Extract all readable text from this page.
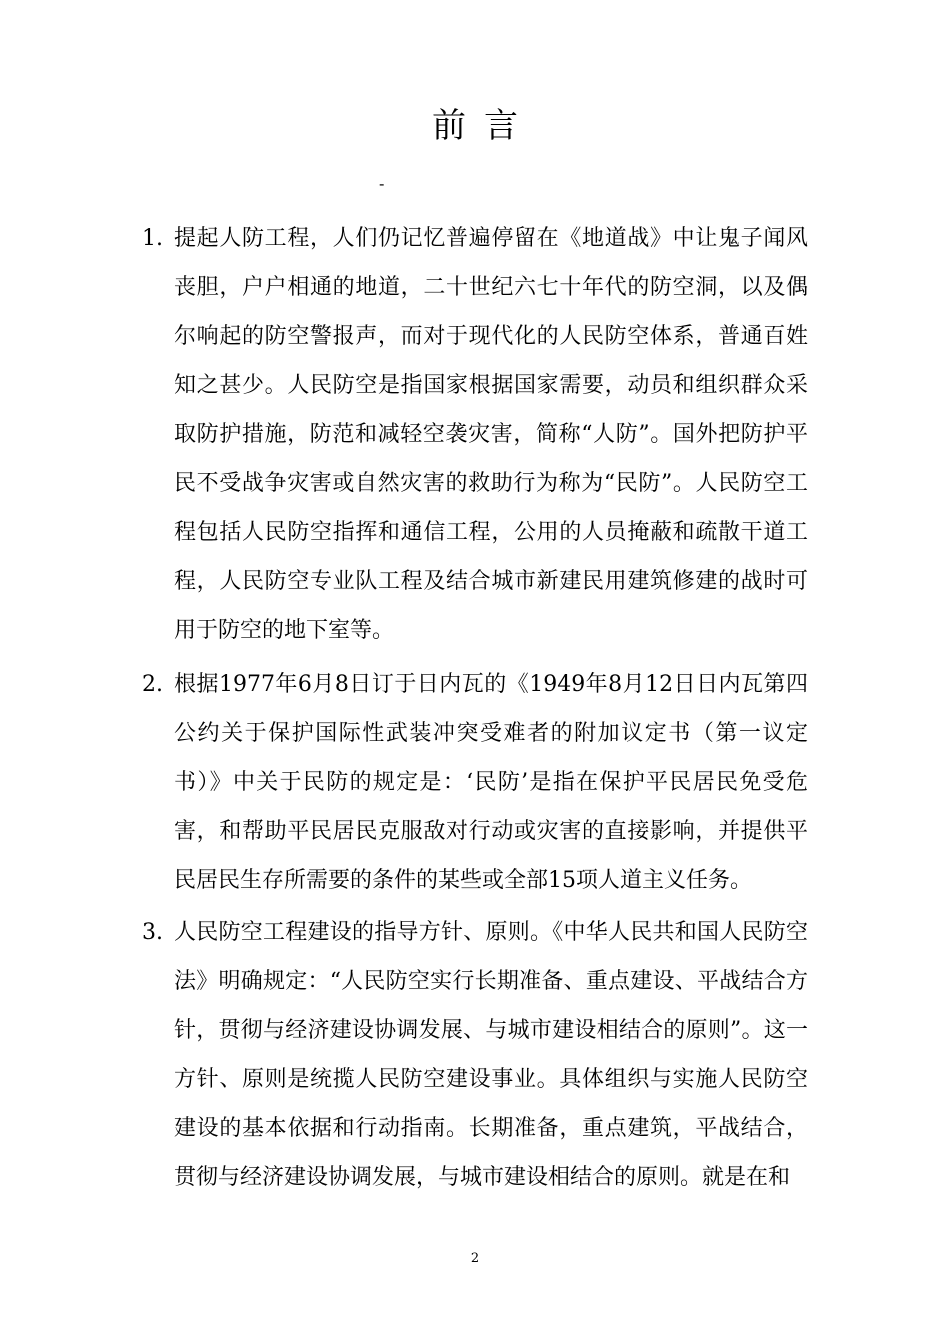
前言
-
1. 提起人防工程，人们仍记忆普遍停留在《地道战》中让鬼子闻风丧胆，户户相通的地道，二十世纪六七十年代的防空洞，以及偶尔响起的防空警报声，而对于现代化的人民防空体系，普通百姓知之甚少。人民防空是指国家根据国家需要，动员和组织群众采取防护措施，防范和减轻空袭灾害，简称“人防”。国外把防护平民不受战争灾害或自然灾害的救助行为称为“民防”。人民防空工程包括人民防空指挥和通信工程，公用的人员掩蔽和疏散干道工程，人民防空专业队工程及结合城市新建民用建筑修建的战时可用于防空的地下室等。
2. 根据1977年6月8日订于日内瓦的《1949年8月12日日内瓦第四公约关于保护国际性武装冲突受难者的附加议定书（第一议定书）》中关于民防的规定是：‘民防’是指在保护平民居民免受危害，和帮助平民居民克服敌对行动或灾害的直接影响，并提供平民居民生存所需要的条件的某些或全部15项人道主义任务。
3. 人民防空工程建设的指导方针、原则。《中华人民共和国人民防空法》明确规定：“人民防空实行长期准备、重点建设、平战结合方针，贯彻与经济建设协调发展、与城市建设相结合的原则”。这一方针、原则是统揽人民防空建设事业。具体组织与实施人民防空建设的基本依据和行动指南。长期准备，重点建筑，平战结合，贯彻与经济建设协调发展，与城市建设相结合的原则。就是在和
2
